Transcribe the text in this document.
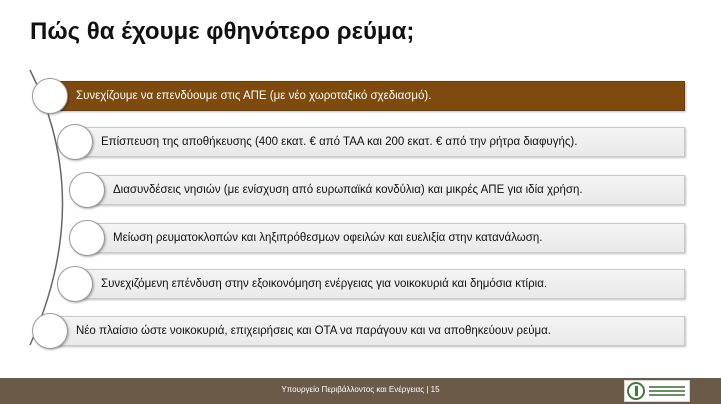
Πώς θα έχουμε φθηνότερο ρεύμα;
Συνεχίζουμε να επενδύουμε στις ΑΠΕ (με νέο χωροταξικό σχεδιασμό).
Επίσπευση της αποθήκευσης (400 εκατ. € από ΤΑΑ και 200 εκατ. € από την ρήτρα διαφυγής).
Διασυνδέσεις νησιών (με ενίσχυση από ευρωπαϊκά κονδύλια) και μικρές ΑΠΕ για ιδία χρήση.
Μείωση ρευματοκλοπών και ληξιπρόθεσμων οφειλών και ευελιξία στην κατανάλωση.
Συνεχιζόμενη επένδυση στην εξοικονόμηση ενέργειας για νοικοκυριά και δημόσια κτίρια.
Νέο πλαίσιο ώστε νοικοκυριά, επιχειρήσεις και ΟΤΑ να παράγουν και να αποθηκεύουν ρεύμα.
Υπουργείο Περιβάλλοντος και Ενέργειας | 15
